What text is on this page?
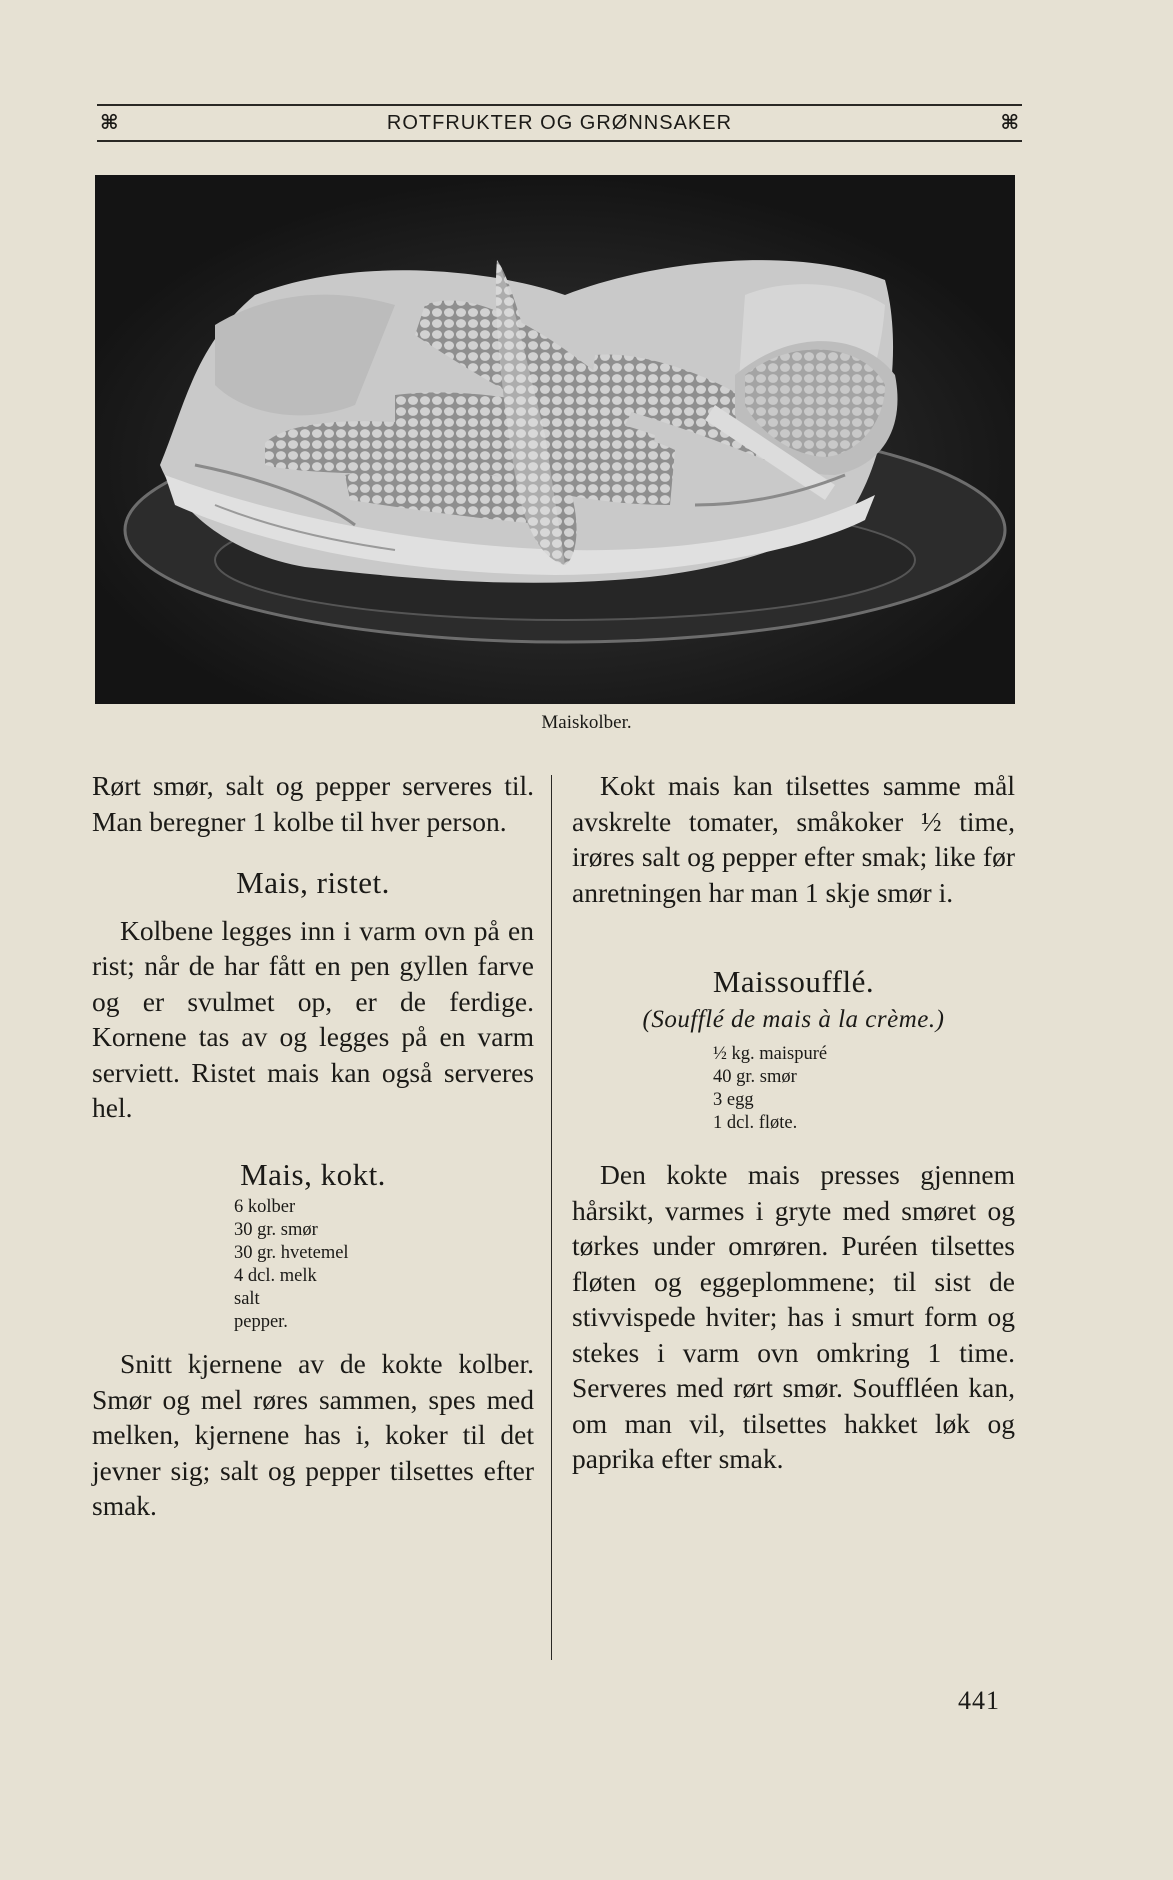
⌘	ROTFRUKTER OG GRØNNSAKER	⌘
Maiskolber.

Rørt smør, salt og pepper serveres til. Man beregner 1 kolbe til hver person.

Mais, ristet.

Kolbene legges inn i varm ovn på en rist; når de har fått en pen gyllen farve og er svulmet op, er de ferdige. Kornene tas av og legges på en varm serviett. Ristet mais kan også serveres hel.

Mais, kokt.
6 kolber
30 gr. smør
30 gr. hvetemel
4 dcl. melk
salt
pepper.

Snitt kjernene av de kokte kolber. Smør og mel røres sammen, spes med melken, kjernene has i, koker til det jevner sig; salt og pepper tilsettes efter smak.

Kokt mais kan tilsettes samme mål avskrelte tomater, småkoker ½ time, irøres salt og pepper efter smak; like før anretningen har man 1 skje smør i.

Maissoufflé.
(Soufflé de mais à la crème.)
½ kg. maispuré
40 gr. smør
3 egg
1 dcl. fløte.

Den kokte mais presses gjennem hårsikt, varmes i gryte med smøret og tørkes under omrøren. Puréen tilsettes fløten og eggeplommene; til sist de stivvispede hviter; has i smurt form og stekes i varm ovn omkring 1 time. Serveres med rørt smør. Souffléen kan, om man vil, tilsettes hakket løk og paprika efter smak.

441
